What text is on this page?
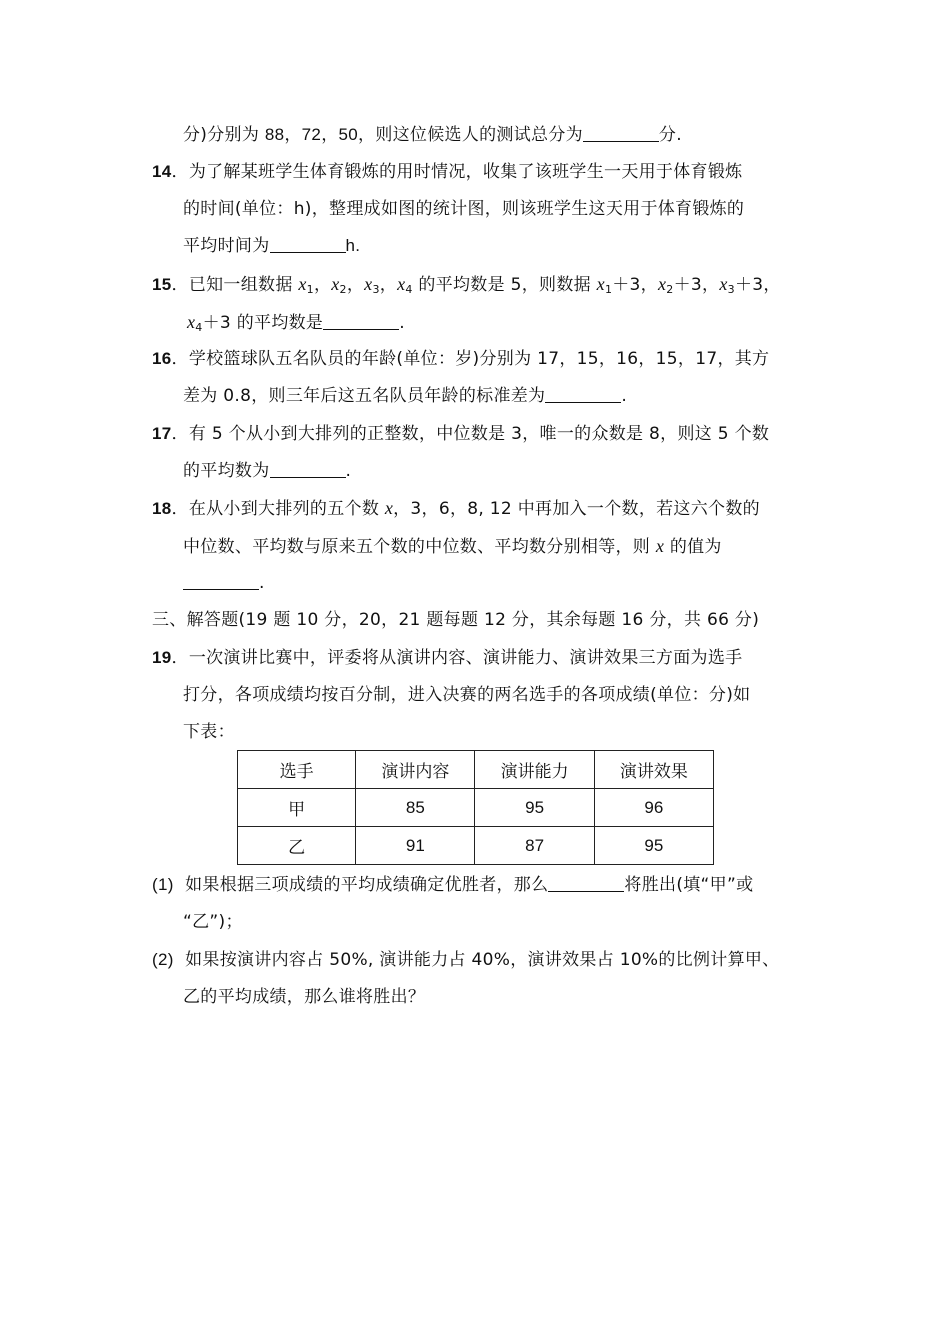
分)分别为 88，72，50，则这位候选人的测试总分为	分.
14．为了解某班学生体育锻炼的用时情况，收集了该班学生一天用于体育锻炼
的时间(单位：h)，整理成如图的统计图，则该班学生这天用于体育锻炼的
平均时间为	h.
15．已知一组数据 $x_1$，$x_2$，$x_3$，$x_4$ 的平均数是 5，则数据 $x_1+3$，$x_2+3$，$x_3+3$，
$x_4+3$ 的平均数是	.
16．学校篮球队五名队员的年龄(单位：岁)分别为 17，15，16，15，17，其方
差为 0.8，则三年后这五名队员年龄的标准差为	.
17．有 5 个从小到大排列的正整数，中位数是 3，唯一的众数是 8，则这 5 个数
的平均数为	.
18．在从小到大排列的五个数 x，3，6，8, 12 中再加入一个数，若这六个数的
中位数、平均数与原来五个数的中位数、平均数分别相等，则 x 的值为
.
三、解答题(19 题 10 分，20，21 题每题 12 分，其余每题 16 分，共 66 分)
19．一次演讲比赛中，评委将从演讲内容、演讲能力、演讲效果三方面为选手
打分，各项成绩均按百分制，进入决赛的两名选手的各项成绩(单位：分)如
下表：
选手	演讲内容	演讲能力	演讲效果
甲	85	95	96
乙	91	87	95
(1) 如果根据三项成绩的平均成绩确定优胜者，那么	将胜出(填“甲”或
“乙”)；
(2) 如果按演讲内容占 50%, 演讲能力占 40%，演讲效果占 10%的比例计算甲、
乙的平均成绩，那么谁将胜出？
